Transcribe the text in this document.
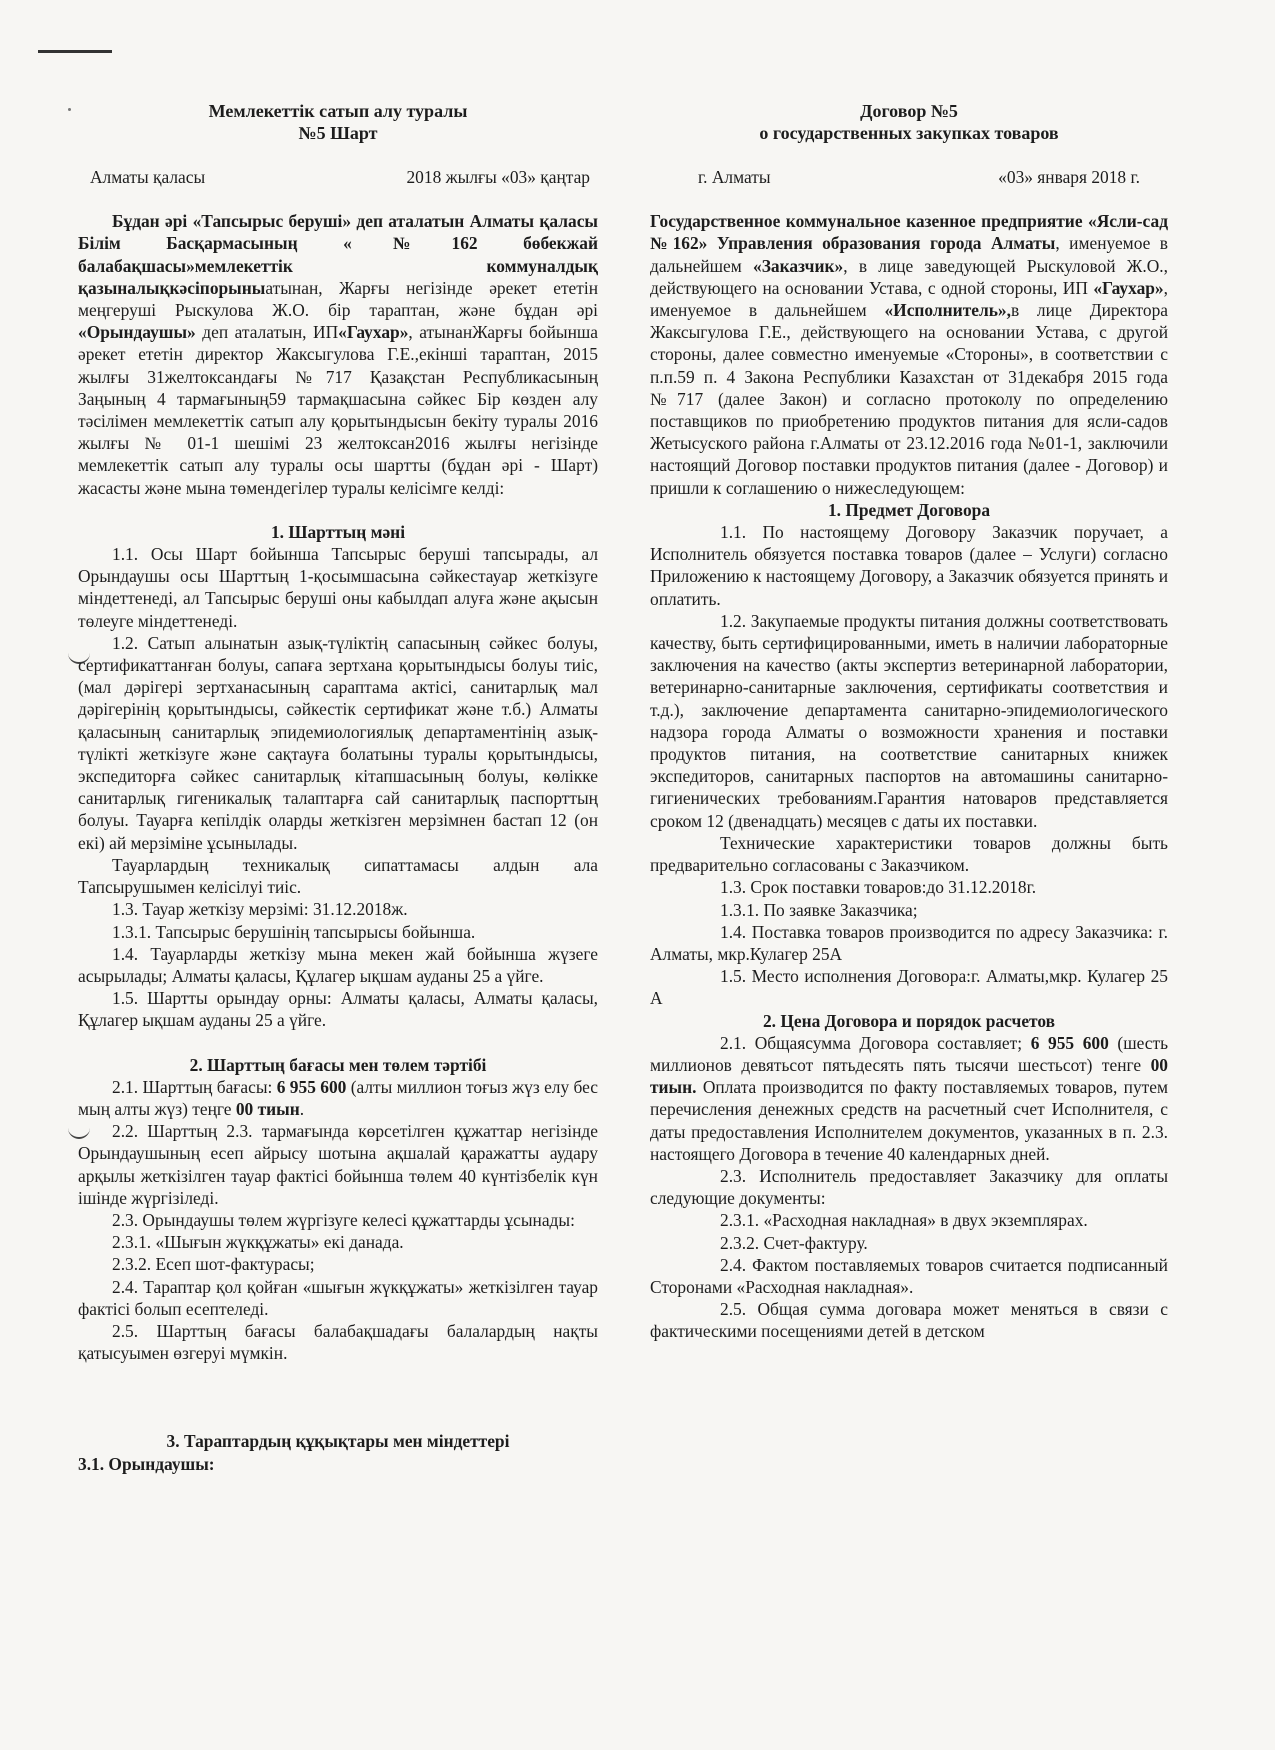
Мемлекеттік сатып алу туралы
№5 Шарт
Алматы қаласы	2018 жылғы «03» қаңтар

Бұдан әрі «Тапсырыс беруші» деп аталатын Алматы қаласы Білім Басқармасының «№162 бөбекжай балабақшасы»мемлекеттік коммуналдық қазыналықкәсіпорыныатынан, Жарғы негізінде әрекет ететін меңгеруші Рыскулова Ж.О. бір тараптан, және бұдан әрі «Орындаушы» деп аталатын, ИП«Гаухар», атынанЖарғы бойынша әрекет ететін директор Жаксыгулова Г.Е.,екінші тараптан, 2015 жылғы 31желтоксандағы №717 Қазақстан Республикасының Заңының 4 тармағының59 тармақшасына сәйкес Бір көзден алу тәсілімен мемлекеттік сатып алу қорытындысын бекіту туралы 2016 жылғы № 01-1 шешімі 23 желтоксан2016 жылғы негізінде мемлекеттік сатып алу туралы осы шартты (бұдан әрі - Шарт) жасасты және мына төмендегілер туралы келісімге келді:

1. Шарттың мәні

1.1. Осы Шарт бойынша Тапсырыс беруші тапсырады, ал Орындаушы осы Шарттың 1-қосымшасына сәйкестауар жеткізуге міндеттенеді, ал Тапсырыс беруші оны кабылдап алуға және ақысын төлеуге міндеттенеді.

1.2. Сатып алынатын азық-түліктің сапасының сәйкес болуы, сертификаттанған болуы, сапаға зертхана қорытындысы болуы тиіс, (мал дәрігері зертханасының сараптама актісі, санитарлық мал дәрігерінің қорытындысы, сәйкестік сертификат және т.б.) Алматы қаласының санитарлық эпидемиологиялық департаментінің азық-түлікті жеткізуге және сақтауға болатыны туралы қорытындысы, экспедиторға сәйкес санитарлық кітапшасының болуы, көлікке санитарлық гигеникалық талаптарға сай санитарлық паспорттың болуы. Тауарға кепілдік оларды жеткізген мерзімнен бастап 12 (он екі) ай мерзіміне ұсынылады.

Тауарлардың техникалық сипаттамасы алдын ала Тапсырушымен келісілуі тиіс.

1.3. Тауар жеткізу мерзімі: 31.12.2018ж.

1.3.1. Тапсырыс берушінің тапсырысы бойынша.

1.4. Тауарларды жеткізу мына мекен жай бойынша жүзеге асырылады; Алматы қаласы, Құлагер ықшам ауданы 25 а үйге.

1.5. Шартты орындау орны: Алматы қаласы, Алматы қаласы, Құлагер ықшам ауданы 25 а үйге.

2. Шарттың бағасы мен төлем тәртібі

2.1. Шарттың бағасы: 6 955 600 (алты миллион тоғыз жүз елу бес мың алты жүз) теңге 00 тиын.

2.2. Шарттың 2.3. тармағында көрсетілген құжаттар негізінде Орындаушының есеп айрысу шотына ақшалай қаражатты аудару арқылы жеткізілген тауар фактісі бойынша төлем 40 күнтізбелік күн ішінде жүргізіледі.

2.3. Орындаушы төлем жүргізуге келесі құжаттарды ұсынады:

2.3.1. «Шығын жүкқұжаты» екі данада.

2.3.2. Есеп шот-фактурасы;

2.4. Тараптар қол қойған «шығын жүкқұжаты» жеткізілген тауар фактісі болып есептеледі.

2.5. Шарттың бағасы балабақшадағы балалардың нақты қатысуымен өзгеруі мүмкін.

3. Тараптардың құқықтары мен міндеттері

3.1. Орындаушы:

Договор №5
о государственных закупках товаров
г. Алматы	«03» января 2018 г.

Государственное коммунальное казенное предприятие «Ясли-сад №162» Управления образования города Алматы, именуемое в дальнейшем «Заказчик», в лице заведующей Рыскуловой Ж.О., действующего на основании Устава, с одной стороны, ИП «Гаухар», именуемое в дальнейшем «Исполнитель»,в лице Директора Жаксыгулова Г.Е., действующего на основании Устава, с другой стороны, далее совместно именуемые «Стороны», в соответствии с п.п.59 п. 4 Закона Республики Казахстан от 31декабря 2015 года №717 (далее Закон) и согласно протоколу по определению поставщиков по приобретению продуктов питания для ясли-садов Жетысуского района г.Алматы от 23.12.2016 года №01-1, заключили настоящий Договор поставки продуктов питания (далее - Договор) и пришли к соглашению о нижеследующем:

1. Предмет Договора

1.1. По настоящему Договору Заказчик поручает, а Исполнитель обязуется поставка товаров (далее – Услуги) согласно Приложению к настоящему Договору, а Заказчик обязуется принять и оплатить.

1.2. Закупаемые продукты питания должны соответствовать качеству, быть сертифицированными, иметь в наличии лабораторные заключения на качество (акты экспертиз ветеринарной лаборатории, ветеринарно-санитарные заключения, сертификаты соответствия и т.д.), заключение департамента санитарно-эпидемиологического надзора города Алматы о возможности хранения и поставки продуктов питания, на соответствие санитарных книжек экспедиторов, санитарных паспортов на автомашины санитарно-гигиенических требованиям.Гарантия натоваров представляется сроком 12 (двенадцать) месяцев с даты их поставки.

Технические характеристики товаров должны быть предварительно согласованы с Заказчиком.

1.3. Срок поставки товаров:до 31.12.2018г.

1.3.1. По заявке Заказчика;

1.4. Поставка товаров производится по адресу Заказчика: г. Алматы, мкр.Кулагер 25А

1.5. Место исполнения Договора:г. Алматы,мкр. Кулагер 25 А

2. Цена Договора и порядок расчетов

2.1. Общаясумма Договора составляет; 6 955 600 (шесть миллионов девятьсот пятьдесять пять тысячи шестьсот) тенге 00 тиын. Оплата производится по факту поставляемых товаров, путем перечисления денежных средств на расчетный счет Исполнителя, с даты предоставления Исполнителем документов, указанных в п. 2.3. настоящего Договора в течение 40 календарных дней.

2.3. Исполнитель предоставляет Заказчику для оплаты следующие документы:

2.3.1. «Расходная накладная» в двух экземплярах.

2.3.2. Счет-фактуру.

2.4. Фактом поставляемых товаров считается подписанный Сторонами «Расходная накладная».

2.5. Общая сумма договара может меняться в связи с фактическими посещениями детей в детском
